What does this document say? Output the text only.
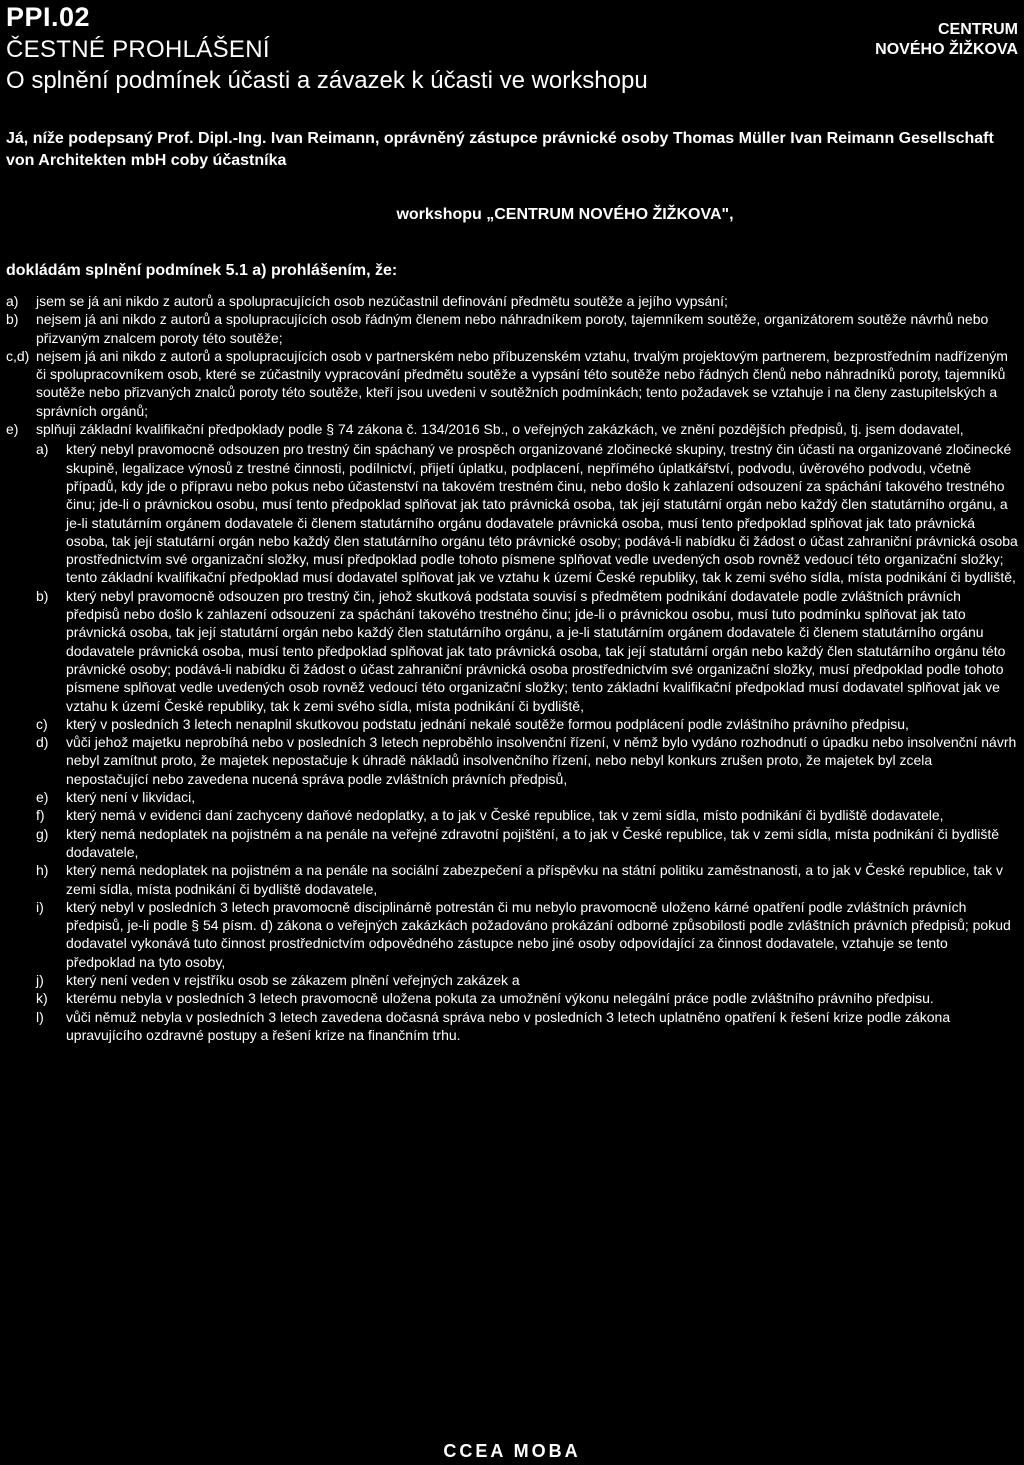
PPI.02
ČESTNÉ PROHLÁŠENÍ
O splnění podmínek účasti a závazek k účasti ve workshopu
CENTRUM
NOVÉHO ŽIŽKOVA
Já, níže podepsaný Prof. Dipl.-Ing. Ivan Reimann, oprávněný zástupce právnické osoby Thomas Müller Ivan Reimann Gesellschaft von Architekten mbH coby účastníka
workshopu „CENTRUM NOVÉHO ŽIŽKOVA",
dokládám splnění podmínek 5.1 a) prohlášením, že:
a)	jsem se já ani nikdo z autorů a spolupracujících osob nezúčastnil definování předmětu soutěže a jejího vypsání;
b)	nejsem já ani nikdo z autorů a spolupracujících osob řádným členem nebo náhradníkem poroty, tajemníkem soutěže, organizátorem soutěže návrhů nebo přizvaným znalcem poroty této soutěže;
c,d) nejsem já ani nikdo z autorů a spolupracujících osob v partnerském nebo příbuzenském vztahu, trvalým projektovým partnerem, bezprostředním nadřízeným či spolupracovníkem osob, které se zúčastnily vypracování předmětu soutěže a vypsání této soutěže nebo řádných členů nebo náhradníků poroty, tajemníků soutěže nebo přizvaných znalců poroty této soutěže, kteří jsou uvedeni v soutěžních podmínkách; tento požadavek se vztahuje i na členy zastupitelských a správních orgánů;
e)	splňuji základní kvalifikační předpoklady podle § 74 zákona č. 134/2016 Sb., o veřejných zakázkách, ve znění pozdějších předpisů, tj. jsem dodavatel,
a)	který nebyl pravomocně odsouzen pro trestný čin spáchaný ve prospěch organizované zločinecké skupiny, trestný čin účasti na organizované zločinecké skupině, legalizace výnosů z trestné činnosti, podílnictví, přijetí úplatku, podplacení, nepřímého úplatkářství, podvodu, úvěrového podvodu, včetně případů, kdy jde o přípravu nebo pokus nebo účastenství na takovém trestném činu, nebo došlo k zahlazení odsouzení za spáchání takového trestného činu; jde-li o právnickou osobu, musí tento předpoklad splňovat jak tato právnická osoba, tak její statutární orgán nebo každý člen statutárního orgánu, a je-li statutárním orgánem dodavatele či členem statutárního orgánu dodavatele právnická osoba, musí tento předpoklad splňovat jak tato právnická osoba, tak její statutární orgán nebo každý člen statutárního orgánu této právnické osoby; podává-li nabídku či žádost o účast zahraniční právnická osoba prostřednictvím své organizační složky, musí předpoklad podle tohoto písmene splňovat vedle uvedených osob rovněž vedoucí této organizační složky; tento základní kvalifikační předpoklad musí dodavatel splňovat jak ve vztahu k území České republiky, tak k zemi svého sídla, místa podnikání či bydliště,
b)	který nebyl pravomocně odsouzen pro trestný čin, jehož skutková podstata souvisí s předmětem podnikání dodavatele podle zvláštních právních předpisů nebo došlo k zahlazení odsouzení za spáchání takového trestného činu; jde-li o právnickou osobu, musí tuto podmínku splňovat jak tato právnická osoba, tak její statutární orgán nebo každý člen statutárního orgánu, a je-li statutárním orgánem dodavatele či členem statutárního orgánu dodavatele právnická osoba, musí tento předpoklad splňovat jak tato právnická osoba, tak její statutární orgán nebo každý člen statutárního orgánu této právnické osoby; podává-li nabídku či žádost o účast zahraniční právnická osoba prostřednictvím své organizační složky, musí předpoklad podle tohoto písmene splňovat vedle uvedených osob rovněž vedoucí této organizační složky; tento základní kvalifikační předpoklad musí dodavatel splňovat jak ve vztahu k území České republiky, tak k zemi svého sídla, místa podnikání či bydliště,
c)	který v posledních 3 letech nenaplnil skutkovou podstatu jednání nekalé soutěže formou podplácení podle zvláštního právního předpisu,
d)	vůči jehož majetku neprobíhá nebo v posledních 3 letech neproběhlo insolvenční řízení, v němž bylo vydáno rozhodnutí o úpadku nebo insolvenční návrh nebyl zamítnut proto, že majetek nepostačuje k úhradě nákladů insolvenčního řízení, nebo nebyl konkurs zrušen proto, že majetek byl zcela nepostačující nebo zavedena nucená správa podle zvláštních právních předpisů,
e)	který není v likvidaci,
f)	který nemá v evidenci daní zachyceny daňové nedoplatky, a to jak v České republice, tak v zemi sídla, místo podnikání či bydliště dodavatele,
g)	který nemá nedoplatek na pojistném a na penále na veřejné zdravotní pojištění, a to jak v České republice, tak v zemi sídla, místa podnikání či bydliště dodavatele,
h)	který nemá nedoplatek na pojistném a na penále na sociální zabezpečení a příspěvku na státní politiku zaměstnanosti, a to jak v České republice, tak v zemi sídla, místa podnikání či bydliště dodavatele,
i)	který nebyl v posledních 3 letech pravomocně disciplinárně potrestán či mu nebylo pravomocně uloženo kárné opatření podle zvláštních právních předpisů, je-li podle § 54 písm. d) zákona o veřejných zakázkách požadováno prokázání odborné způsobilosti podle zvláštních právních předpisů; pokud dodavatel vykonává tuto činnost prostřednictvím odpovědného zástupce nebo jiné osoby odpovídající za činnost dodavatele, vztahuje se tento předpoklad na tyto osoby,
j)	který není veden v rejstříku osob se zákazem plnění veřejných zakázek a
k)	kterému nebyla v posledních 3 letech pravomocně uložena pokuta za umožnění výkonu nelegální práce podle zvláštního právního předpisu.
l)	vůči němuž nebyla v posledních 3 letech zavedena dočasná správa nebo v posledních 3 letech uplatněno opatření k řešení krize podle zákona upravujícího ozdravné postupy a řešení krize na finančním trhu.
CCEA MOBA
